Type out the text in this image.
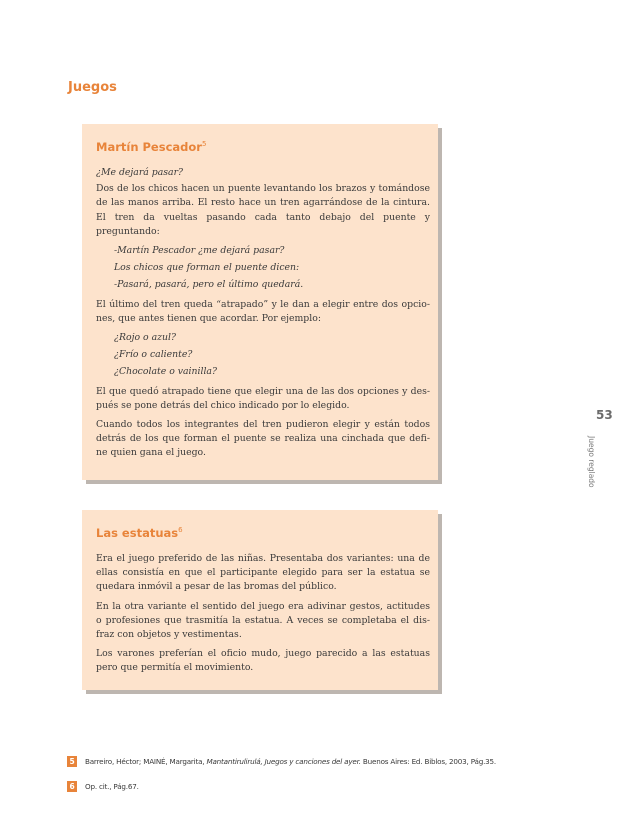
Juegos
Martín Pescador$^5$

¿Me dejará pasar?

Dos de los chicos hacen un puente levantando los brazos y tomándose de las manos arriba. El resto hace un tren agarrándose de la cintura. El tren da vueltas pasando cada tanto debajo del puente y preguntando:

-Martín Pescador ¿me dejará pasar?

Los chicos que forman el puente dicen:

-Pasará, pasará, pero el último quedará.

El último del tren queda “atrapado” y le dan a elegir entre dos opcio-nes, que antes tienen que acordar. Por ejemplo:

¿Rojo o azul?

¿Frío o caliente?

¿Chocolate o vainilla?

El que quedó atrapado tiene que elegir una de las dos opciones y des-pués se pone detrás del chico indicado por lo elegido.

Cuando todos los integrantes del tren pudieron elegir y están todos detrás de los que forman el puente se realiza una cinchada que defi-ne quien gana el juego.

Las estatuas$^6$

Era el juego preferido de las niñas. Presentaba dos variantes: una de ellas consistía en que el participante elegido para ser la estatua se quedara inmóvil a pesar de las bromas del público.

En la otra variante el sentido del juego era adivinar gestos, actitudes o profesiones que trasmitía la estatua. A veces se completaba el dis-fraz con objetos y vestimentas.

Los varones preferían el oficio mudo, juego parecido a las estatuas pero que permitía el movimiento.

53
Juego reglado
5 Barreiro, Héctor; MAINÉ, Margarita, Mantantirulirulá, Juegos y canciones del ayer. Buenos Aires: Ed. Biblos, 2003, Pág.35.
6 Op. cit., Pág.67.
